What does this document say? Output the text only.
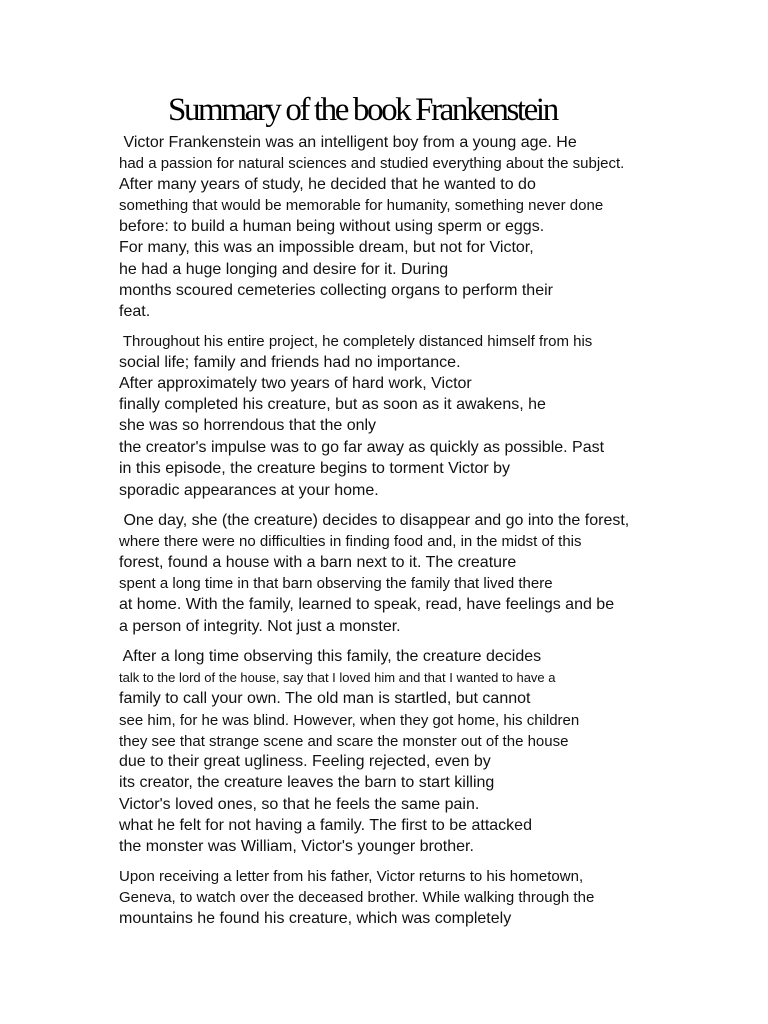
Summary of the book Frankenstein

Victor Frankenstein was an intelligent boy from a young age. He

had a passion for natural sciences and studied everything about the subject.

After many years of study, he decided that he wanted to do

something that would be memorable for humanity, something never done

before: to build a human being without using sperm or eggs.

For many, this was an impossible dream, but not for Victor,

he had a huge longing and desire for it. During

months scoured cemeteries collecting organs to perform their

feat.

Throughout his entire project, he completely distanced himself from his

social life; family and friends had no importance.

After approximately two years of hard work, Victor

finally completed his creature, but as soon as it awakens, he

she was so horrendous that the only

the creator's impulse was to go far away as quickly as possible. Past

in this episode, the creature begins to torment Victor by

sporadic appearances at your home.

One day, she (the creature) decides to disappear and go into the forest,

where there were no difficulties in finding food and, in the midst of this

forest, found a house with a barn next to it. The creature

spent a long time in that barn observing the family that lived there

at home. With the family, learned to speak, read, have feelings and be

a person of integrity. Not just a monster.

After a long time observing this family, the creature decides

talk to the lord of the house, say that I loved him and that I wanted to have a

family to call your own. The old man is startled, but cannot

see him, for he was blind. However, when they got home, his children

they see that strange scene and scare the monster out of the house

due to their great ugliness. Feeling rejected, even by

its creator, the creature leaves the barn to start killing

Victor's loved ones, so that he feels the same pain.

what he felt for not having a family. The first to be attacked

the monster was William, Victor's younger brother.

Upon receiving a letter from his father, Victor returns to his hometown,

Geneva, to watch over the deceased brother. While walking through the

mountains he found his creature, which was completely
